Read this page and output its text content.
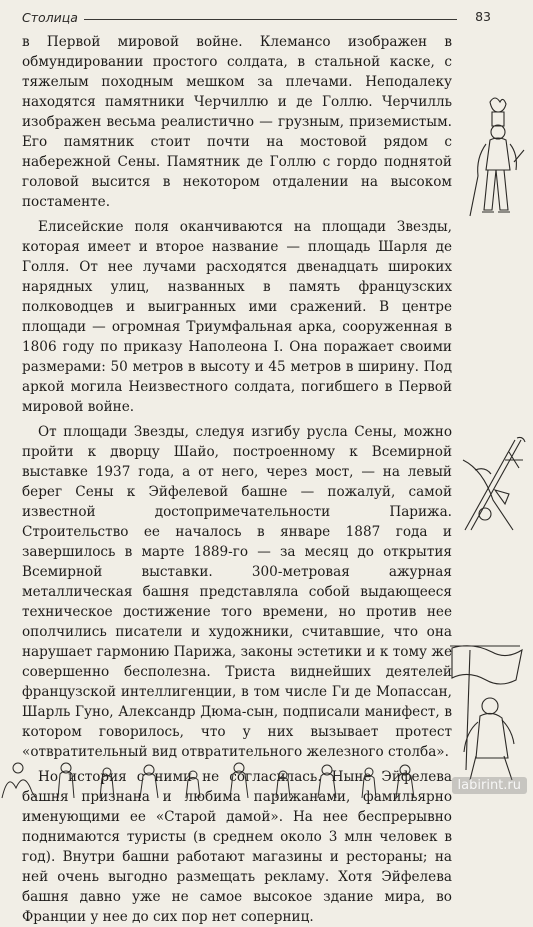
Столица	83

в Первой мировой войне. Клемансо изображен в обмундировании простого солдата, в стальной каске, с тяжелым походным мешком за плечами. Неподалеку находятся памятники Черчиллю и де Голлю. Черчилль изображен весьма реалистично — грузным, приземистым. Его памятник стоит почти на мостовой рядом с набережной Сены. Памятник де Голлю с гордо поднятой головой высится в некотором отдалении на высоком постаменте.

Елисейские поля оканчиваются на площади Звезды, которая имеет и второе название — площадь Шарля де Голля. От нее лучами расходятся двенадцать широких нарядных улиц, названных в память французских полководцев и выигранных ими сражений. В центре площади — огромная Триумфальная арка, сооруженная в 1806 году по приказу Наполеона I. Она поражает своими размерами: 50 метров в высоту и 45 метров в ширину. Под аркой могила Неизвестного солдата, погибшего в Первой мировой войне.

От площади Звезды, следуя изгибу русла Сены, можно пройти к дворцу Шайо, построенному к Всемирной выставке 1937 года, а от него, через мост, — на левый берег Сены к Эйфелевой башне — пожалуй, самой известной достопримечательности Парижа. Строительство ее началось в январе 1887 года и завершилось в марте 1889-го — за месяц до открытия Всемирной выставки. 300-метровая ажурная металлическая башня представляла собой выдающееся техническое достижение того времени, но против нее ополчились писатели и художники, считавшие, что она нарушает гармонию Парижа, законы эстетики и к тому же совершенно бесполезна. Триста виднейших деятелей французской интеллигенции, в том числе Ги де Мопассан, Шарль Гуно, Александр Дюма-сын, подписали манифест, в котором говорилось, что у них вызывает протест «отвратительный вид отвратительного железного столба».

Но история с ними не согласилась. Ныне Эйфелева башня признана и любима парижанами, фамильярно именующими ее «Старой дамой». На нее беспрерывно поднимаются туристы (в среднем около 3 млн человек в год). Внутри башни работают магазины и рестораны; на ней очень выгодно размещать рекламу. Хотя Эйфелева башня давно уже не самое высокое здание мира, во Франции у нее до сих пор нет соперниц.

labirint.ru
